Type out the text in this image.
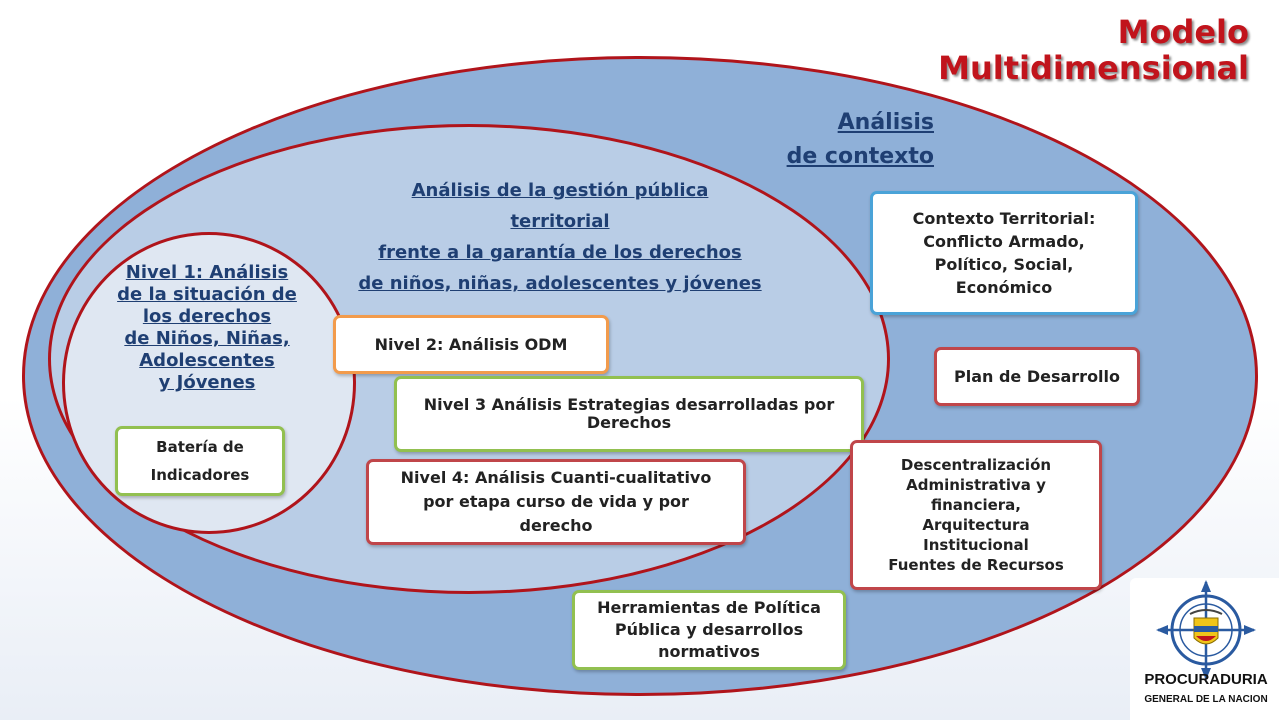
Modelo
Multidimensional
Análisis
de contexto
Análisis de la gestión pública
territorial
frente a la garantía de los derechos
de niños, niñas, adolescentes y jóvenes
Nivel 1: Análisis
de la situación de
los derechos
de Niños, Niñas,
Adolescentes
y Jóvenes
Batería de
Indicadores
Nivel 2: Análisis ODM
Nivel 3 Análisis Estrategias desarrolladas por
Derechos
Nivel 4: Análisis Cuanti-cualitativo
por etapa curso de vida y por
derecho
Contexto Territorial:
Conflicto Armado,
Político, Social,
Económico
Plan de Desarrollo
Descentralización
Administrativa y
financiera,
Arquitectura
Institucional
Fuentes de Recursos
Herramientas de Política
Pública y desarrollos
normativos
PROCURADURIA
GENERAL DE LA NACION
